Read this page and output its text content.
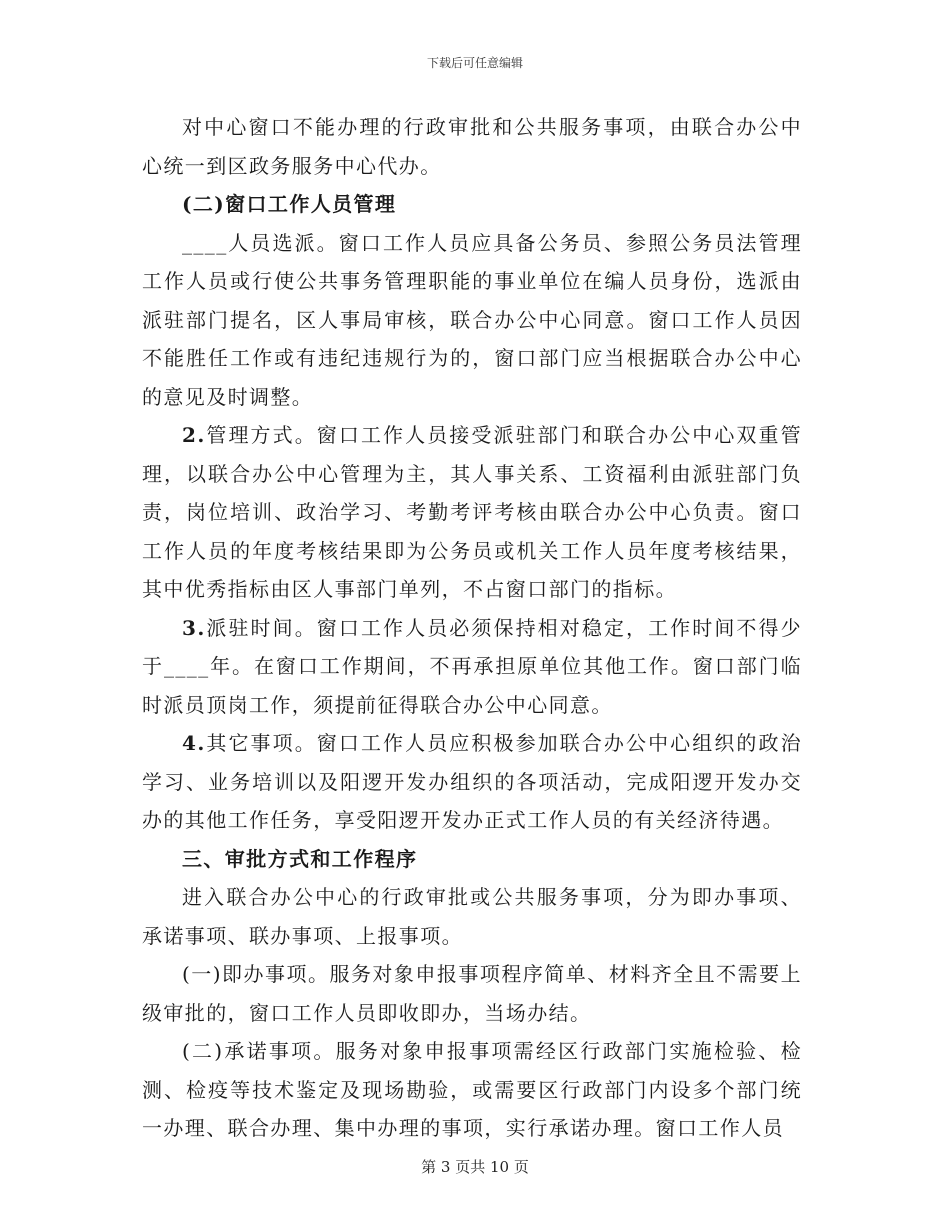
下载后可任意编辑

对中心窗口不能办理的行政审批和公共服务事项，由联合办公中心统一到区政务服务中心代办。

(二)窗口工作人员管理

____人员选派。窗口工作人员应具备公务员、参照公务员法管理工作人员或行使公共事务管理职能的事业单位在编人员身份，选派由派驻部门提名，区人事局审核，联合办公中心同意。窗口工作人员因不能胜任工作或有违纪违规行为的，窗口部门应当根据联合办公中心的意见及时调整。

2.管理方式。窗口工作人员接受派驻部门和联合办公中心双重管理，以联合办公中心管理为主，其人事关系、工资福利由派驻部门负责，岗位培训、政治学习、考勤考评考核由联合办公中心负责。窗口工作人员的年度考核结果即为公务员或机关工作人员年度考核结果，其中优秀指标由区人事部门单列，不占窗口部门的指标。

3.派驻时间。窗口工作人员必须保持相对稳定，工作时间不得少于____年。在窗口工作期间，不再承担原单位其他工作。窗口部门临时派员顶岗工作，须提前征得联合办公中心同意。

4.其它事项。窗口工作人员应积极参加联合办公中心组织的政治学习、业务培训以及阳逻开发办组织的各项活动，完成阳逻开发办交办的其他工作任务，享受阳逻开发办正式工作人员的有关经济待遇。

三、审批方式和工作程序

进入联合办公中心的行政审批或公共服务事项，分为即办事项、承诺事项、联办事项、上报事项。

(一)即办事项。服务对象申报事项程序简单、材料齐全且不需要上级审批的，窗口工作人员即收即办，当场办结。

(二)承诺事项。服务对象申报事项需经区行政部门实施检验、检测、检疫等技术鉴定及现场勘验，或需要区行政部门内设多个部门统一办理、联合办理、集中办理的事项，实行承诺办理。窗口工作人员

第 3 页共 10 页
